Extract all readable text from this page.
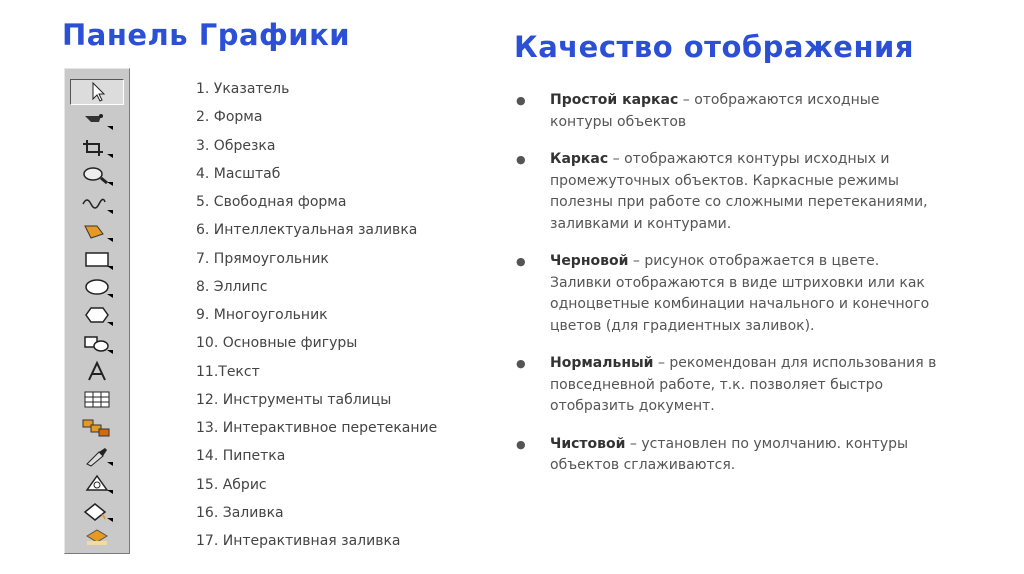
Панель Графики	Качество отображения
1. Указатель
2. Форма
3. Обрезка
4. Масштаб
5. Свободная форма
6. Интеллектуальная заливка
7. Прямоугольник
8. Эллипс
9. Многоугольник
10. Основные фигуры
11.Текст
12. Инструменты таблицы
13. Интерактивное перетекание
14. Пипетка
15. Абрис
16. Заливка
17. Интерактивная заливка
● Простой каркас – отображаются исходные контуры объектов
● Каркас – отображаются контуры исходных и промежуточных объектов. Каркасные режимы полезны при работе со сложными перетеканиями, заливками и контурами.
● Черновой – рисунок отображается в цвете. Заливки отображаются в виде штриховки или как одноцветные комбинации начального и конечного цветов (для градиентных заливок).
● Нормальный – рекомендован для использования в повседневной работе, т.к. позволяет быстро отобразить документ.
● Чистовой – установлен по умолчанию. контуры объектов сглаживаются.
